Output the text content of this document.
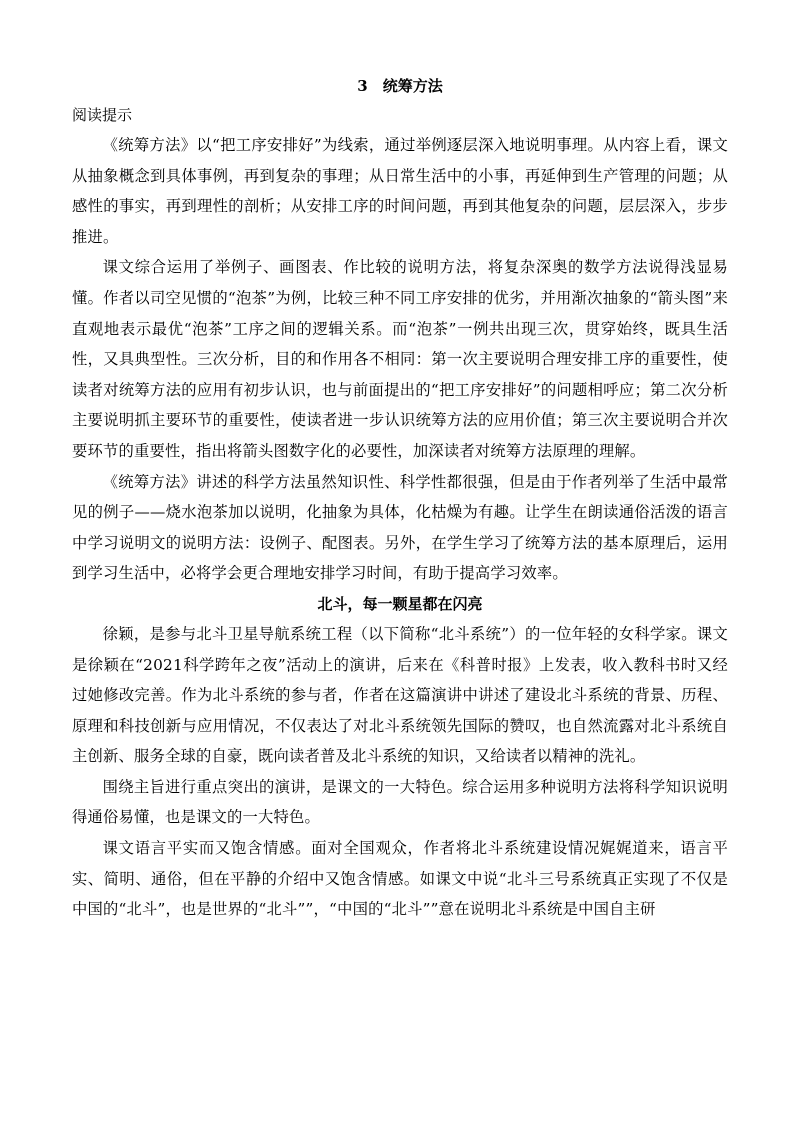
3　统筹方法

阅读提示

《统筹方法》以“把工序安排好”为线索，通过举例逐层深入地说明事理。从内容上看，课文从抽象概念到具体事例，再到复杂的事理；从日常生活中的小事，再延伸到生产管理的问题；从感性的事实，再到理性的剖析；从安排工序的时间问题，再到其他复杂的问题，层层深入，步步推进。

课文综合运用了举例子、画图表、作比较的说明方法，将复杂深奥的数学方法说得浅显易懂。作者以司空见惯的“泡茶”为例，比较三种不同工序安排的优劣，并用渐次抽象的“箭头图”来直观地表示最优“泡茶”工序之间的逻辑关系。而“泡茶”一例共出现三次，贯穿始终，既具生活性，又具典型性。三次分析，目的和作用各不相同：第一次主要说明合理安排工序的重要性，使读者对统筹方法的应用有初步认识，也与前面提出的“把工序安排好”的问题相呼应；第二次分析主要说明抓主要环节的重要性，使读者进一步认识统筹方法的应用价值；第三次主要说明合并次要环节的重要性，指出将箭头图数字化的必要性，加深读者对统筹方法原理的理解。

《统筹方法》讲述的科学方法虽然知识性、科学性都很强，但是由于作者列举了生活中最常见的例子——烧水泡茶加以说明，化抽象为具体，化枯燥为有趣。让学生在朗读通俗活泼的语言中学习说明文的说明方法：设例子、配图表。另外，在学生学习了统筹方法的基本原理后，运用到学习生活中，必将学会更合理地安排学习时间，有助于提高学习效率。

北斗，每一颗星都在闪亮

徐颖，是参与北斗卫星导航系统工程（以下简称“北斗系统”）的一位年轻的女科学家。课文是徐颖在“2021科学跨年之夜”活动上的演讲，后来在《科普时报》上发表，收入教科书时又经过她修改完善。作为北斗系统的参与者，作者在这篇演讲中讲述了建设北斗系统的背景、历程、原理和科技创新与应用情况，不仅表达了对北斗系统领先国际的赞叹，也自然流露对北斗系统自主创新、服务全球的自豪，既向读者普及北斗系统的知识，又给读者以精神的洗礼。

围绕主旨进行重点突出的演讲，是课文的一大特色。综合运用多种说明方法将科学知识说明得通俗易懂，也是课文的一大特色。

课文语言平实而又饱含情感。面对全国观众，作者将北斗系统建设情况娓娓道来，语言平实、简明、通俗，但在平静的介绍中又饱含情感。如课文中说“北斗三号系统真正实现了不仅是中国的“北斗”，也是世界的“北斗””，“中国的“北斗””意在说明北斗系统是中国自主研
